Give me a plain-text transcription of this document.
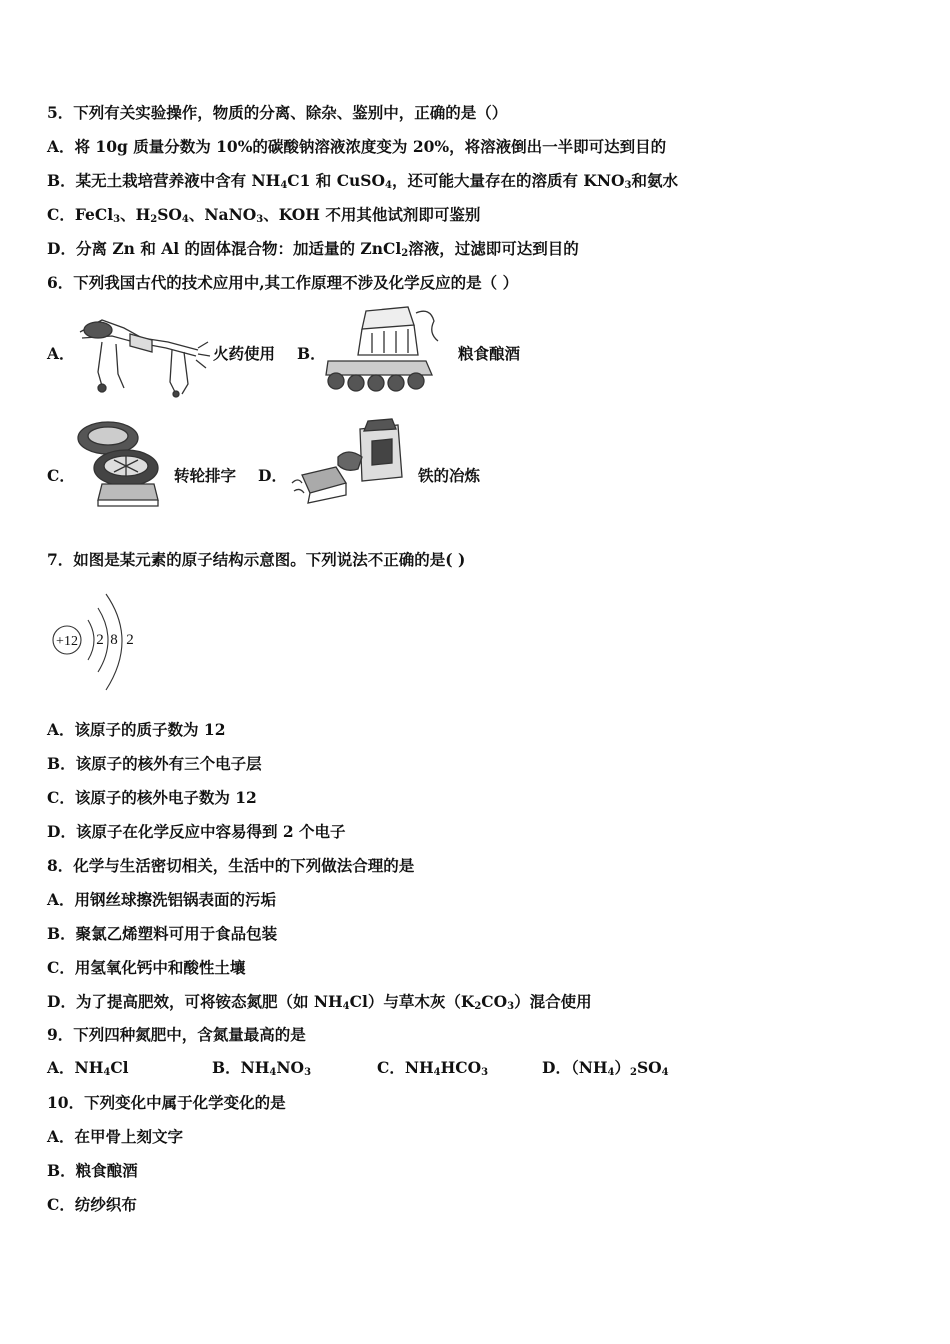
5．下列有关实验操作，物质的分离、除杂、鉴别中，正确的是（）
A．将 10g 质量分数为 10%的碳酸钠溶液浓度变为 20%，将溶液倒出一半即可达到目的
B．某无土栽培营养液中含有 $NH_4C1$ 和 CuSO$_4$，还可能大量存在的溶质有 $KNO_3$和氨水
C．FeCl$_3$、$H_2SO_4$、NaNO$_3$、KOH 不用其他试剂即可鉴别
D．分离 Zn 和 Al 的固体混合物：加适量的 ZnCl$_2$溶液，过滤即可达到目的
6．下列我国古代的技术应用中,其工作原理不涉及化学反应的是（ ）
A．	火药使用 B．	粮食酿酒
C．	转轮排字 D．	铁的冶炼
7．如图是某元素的原子结构示意图。下列说法不正确的是( )
+12 2 8 2
A．该原子的质子数为 12
B．该原子的核外有三个电子层
C．该原子的核外电子数为 12
D．该原子在化学反应中容易得到 2 个电子
8．化学与生活密切相关，生活中的下列做法合理的是
A．用钢丝球擦洗铝锅表面的污垢
B．聚氯乙烯塑料可用于食品包装
C．用氢氧化钙中和酸性土壤
D．为了提高肥效，可将铵态氮肥（如 $NH_4Cl$）与草木灰$(K_2CO_3)$混合使用
9．下列四种氮肥中，含氮量最高的是
A．$NH_4Cl$	B．$NH_4NO_3$	C．$NH_4HCO_3$	D．$(NH_4)_2SO_4$
10．下列变化中属于化学变化的是
A．在甲骨上刻文字
B．粮食酿酒
C．纺纱织布
